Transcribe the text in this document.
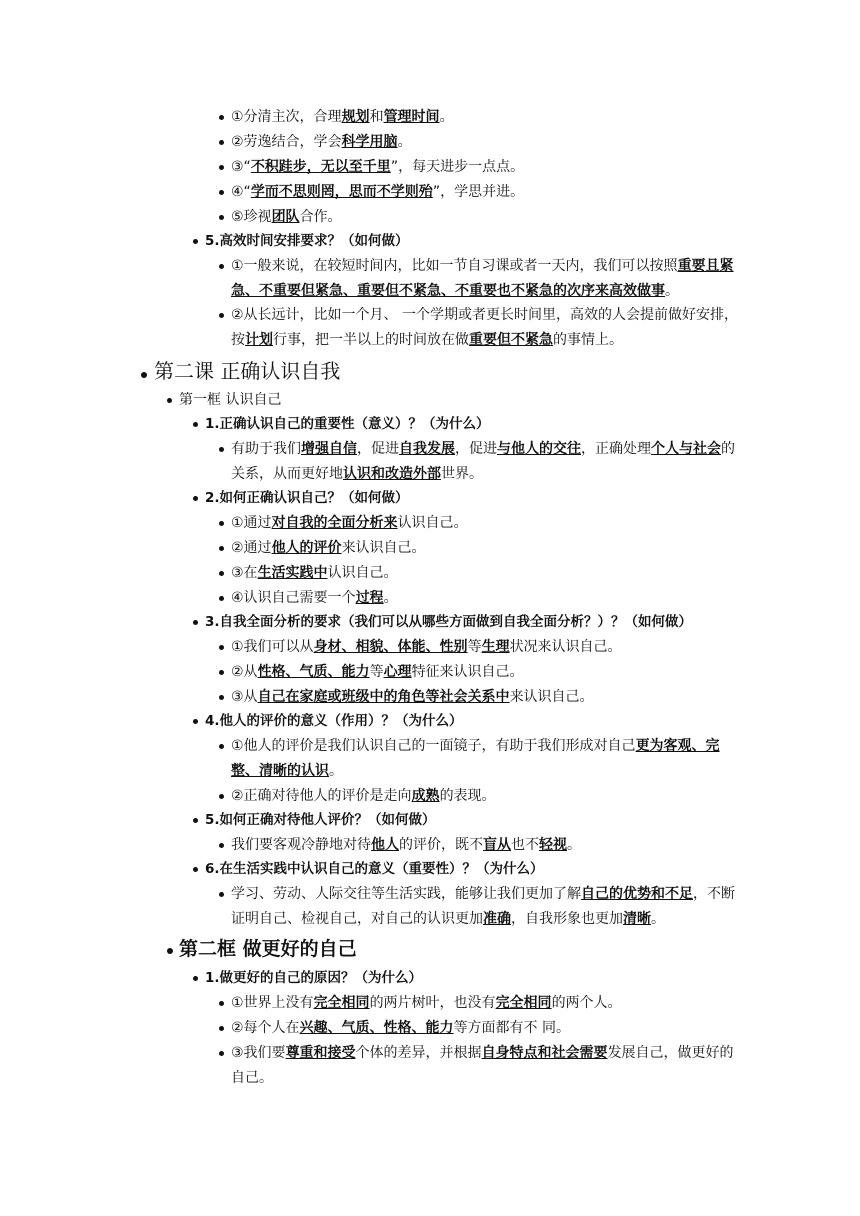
①分清主次，合理规划和管理时间。
②劳逸结合，学会科学用脑。
③“不积跬步，无以至千里”，每天进步一点点。
④“学而不思则罔，思而不学则殆”，学思并进。
⑤珍视团队合作。
5.高效时间安排要求？（如何做）
①一般来说，在较短时间内，比如一节自习课或者一天内，我们可以按照重要且紧
急、不重要但紧急、重要但不紧急、不重要也不紧急的次序来高效做事。
②从长远计，比如一个月、 一个学期或者更长时间里，高效的人会提前做好安排，
按计划行事，把一半以上的时间放在做重要但不紧急的事情上。
第二课 正确认识自我
第一框 认识自己
1.正确认识自己的重要性（意义）？（为什么）
有助于我们增强自信，促进自我发展，促进与他人的交往，正确处理个人与社会的
关系，从而更好地认识和改造外部世界。
2.如何正确认识自己？（如何做）
①通过对自我的全面分析来认识自己。
②通过他人的评价来认识自己。
③在生活实践中认识自己。
④认识自己需要一个过程。
3.自我全面分析的要求（我们可以从哪些方面做到自我全面分析？）？（如何做）
①我们可以从身材、相貌、体能、性别等生理状况来认识自己。
②从性格、气质、能力等心理特征来认识自己。
③从自己在家庭或班级中的角色等社会关系中来认识自己。
4.他人的评价的意义（作用）？（为什么）
①他人的评价是我们认识自己的一面镜子，有助于我们形成对自己更为客观、完
整、清晰的认识。
②正确对待他人的评价是走向成熟的表现。
5.如何正确对待他人评价？（如何做）
我们要客观冷静地对待他人的评价，既不盲从也不轻视。
6.在生活实践中认识自己的意义（重要性）？（为什么）
学习、劳动、人际交往等生活实践，能够让我们更加了解自己的优势和不足，不断
证明自己、检视自己，对自己的认识更加准确，自我形象也更加清晰。
第二框 做更好的自己
1.做更好的自己的原因？（为什么）
①世界上没有完全相同的两片树叶，也没有完全相同的两个人。
②每个人在兴趣、气质、性格、能力等方面都有不 同。
③我们要尊重和接受个体的差异，并根据自身特点和社会需要发展自己，做更好的
自己。
